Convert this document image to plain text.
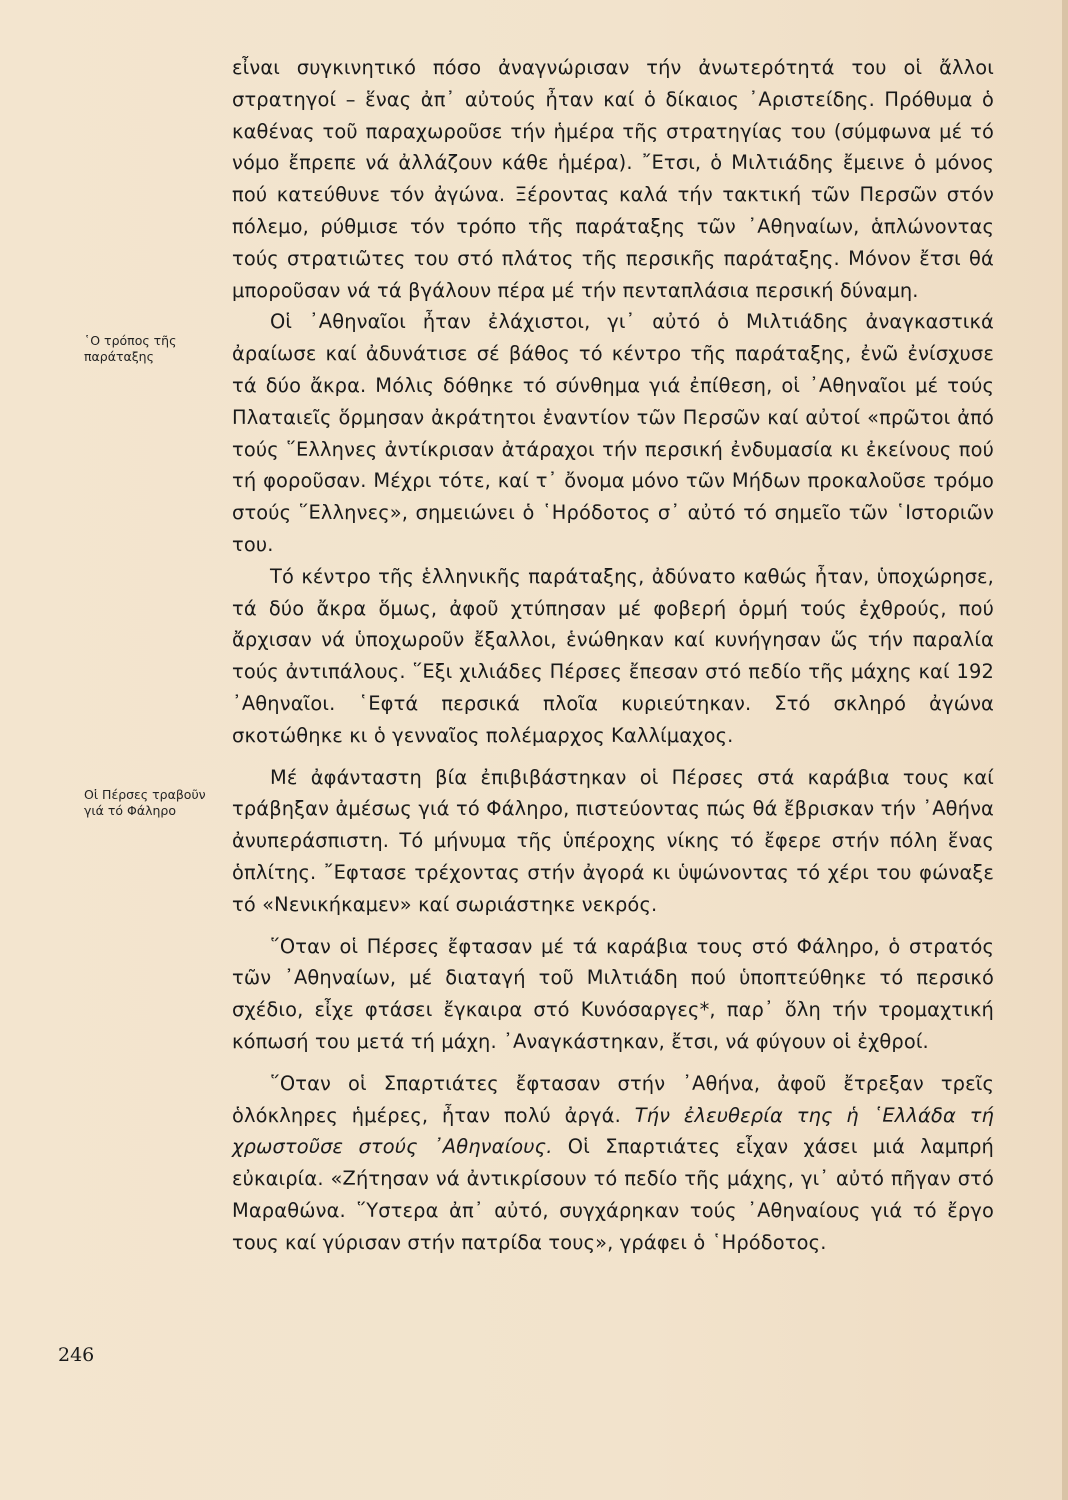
῾Ο τρόπος τῆς παράταξης
Οἱ Πέρσες τραβοῦν γιά τό Φάληρο

εἶναι συγκινητικό πόσο ἀναγνώρισαν τήν ἀνωτερότητά του οἱ ἄλλοι στρατηγοί – ἕνας ἀπ᾽ αὐτούς ἦταν καί ὁ δίκαιος ᾽Αριστείδης. Πρόθυμα ὁ καθένας τοῦ παραχωροῦσε τήν ἡμέρα τῆς στρατηγίας του (σύμφωνα μέ τό νόμο ἔπρεπε νά ἀλλάζουν κάθε ἡμέρα). ῎Ετσι, ὁ Μιλτιάδης ἔμεινε ὁ μόνος πού κατεύθυνε τόν ἀγώνα. Ξέροντας καλά τήν τακτική τῶν Περσῶν στόν πόλεμο, ρύθμισε τόν τρόπο τῆς παράταξης τῶν ᾽Αθηναίων, ἁπλώνοντας τούς στρατιῶτες του στό πλάτος τῆς περσικῆς παράταξης. Μόνον ἔτσι θά μποροῦσαν νά τά βγάλουν πέρα μέ τήν πενταπλάσια περσική δύναμη.

Οἱ ᾽Αθηναῖοι ἦταν ἐλάχιστοι, γι᾽ αὐτό ὁ Μιλτιάδης ἀναγκαστικά ἀραίωσε καί ἀδυνάτισε σέ βάθος τό κέντρο τῆς παράταξης, ἐνῶ ἐνίσχυσε τά δύο ἄκρα. Μόλις δόθηκε τό σύνθημα γιά ἐπίθεση, οἱ ᾽Αθηναῖοι μέ τούς Πλαταιεῖς ὅρμησαν ἀκράτητοι ἐναντίον τῶν Περσῶν καί αὐτοί «πρῶτοι ἀπό τούς ῞Ελληνες ἀντίκρισαν ἀτάραχοι τήν περσική ἐνδυμασία κι ἐκείνους πού τή φοροῦσαν. Μέχρι τότε, καί τ᾽ ὄνομα μόνο τῶν Μήδων προκαλοῦσε τρόμο στούς ῞Ελληνες», σημειώνει ὁ ῾Ηρόδοτος σ᾽ αὐτό τό σημεῖο τῶν ῾Ιστοριῶν του.

Τό κέντρο τῆς ἑλληνικῆς παράταξης, ἀδύνατο καθώς ἦταν, ὑποχώρησε, τά δύο ἄκρα ὅμως, ἀφοῦ χτύπησαν μέ φοβερή ὁρμή τούς ἐχθρούς, πού ἄρχισαν νά ὑποχωροῦν ἔξαλλοι, ἑνώθηκαν καί κυνήγησαν ὥς τήν παραλία τούς ἀντιπάλους. ῞Εξι χιλιάδες Πέρσες ἔπεσαν στό πεδίο τῆς μάχης καί 192 ᾽Αθηναῖοι. ῾Εφτά περσικά πλοῖα κυριεύτηκαν. Στό σκληρό ἀγώνα σκοτώθηκε κι ὁ γενναῖος πολέμαρχος Καλλίμαχος.

Μέ ἀφάνταστη βία ἐπιβιβάστηκαν οἱ Πέρσες στά καράβια τους καί τράβηξαν ἀμέσως γιά τό Φάληρο, πιστεύοντας πώς θά ἔβρισκαν τήν ᾽Αθήνα ἀνυπεράσπιστη. Τό μήνυμα τῆς ὑπέροχης νίκης τό ἔφερε στήν πόλη ἕνας ὁπλίτης. ῎Εφτασε τρέχοντας στήν ἀγορά κι ὑψώνοντας τό χέρι του φώναξε τό «Νενικήκαμεν» καί σωριάστηκε νεκρός.

῞Οταν οἱ Πέρσες ἔφτασαν μέ τά καράβια τους στό Φάληρο, ὁ στρατός τῶν ᾽Αθηναίων, μέ διαταγή τοῦ Μιλτιάδη πού ὑποπτεύθηκε τό περσικό σχέδιο, εἶχε φτάσει ἔγκαιρα στό Κυνόσαργες*, παρ᾽ ὅλη τήν τρομαχτική κόπωσή του μετά τή μάχη. ᾽Αναγκάστηκαν, ἔτσι, νά φύγουν οἱ ἐχθροί.

῞Οταν οἱ Σπαρτιάτες ἔφτασαν στήν ᾽Αθήνα, ἀφοῦ ἔτρεξαν τρεῖς ὁλόκληρες ἡμέρες, ἦταν πολύ ἀργά. Τήν ἐλευθερία της ἡ ῾Ελλάδα τή χρωστοῦσε στούς ᾽Αθηναίους. Οἱ Σπαρτιάτες εἶχαν χάσει μιά λαμπρή εὐκαιρία. «Ζήτησαν νά ἀντικρίσουν τό πεδίο τῆς μάχης, γι᾽ αὐτό πῆγαν στό Μαραθώνα. ῞Υστερα ἀπ᾽ αὐτό, συγχάρηκαν τούς ᾽Αθηναίους γιά τό ἔργο τους καί γύρισαν στήν πατρίδα τους», γράφει ὁ ῾Ηρόδοτος.

246
